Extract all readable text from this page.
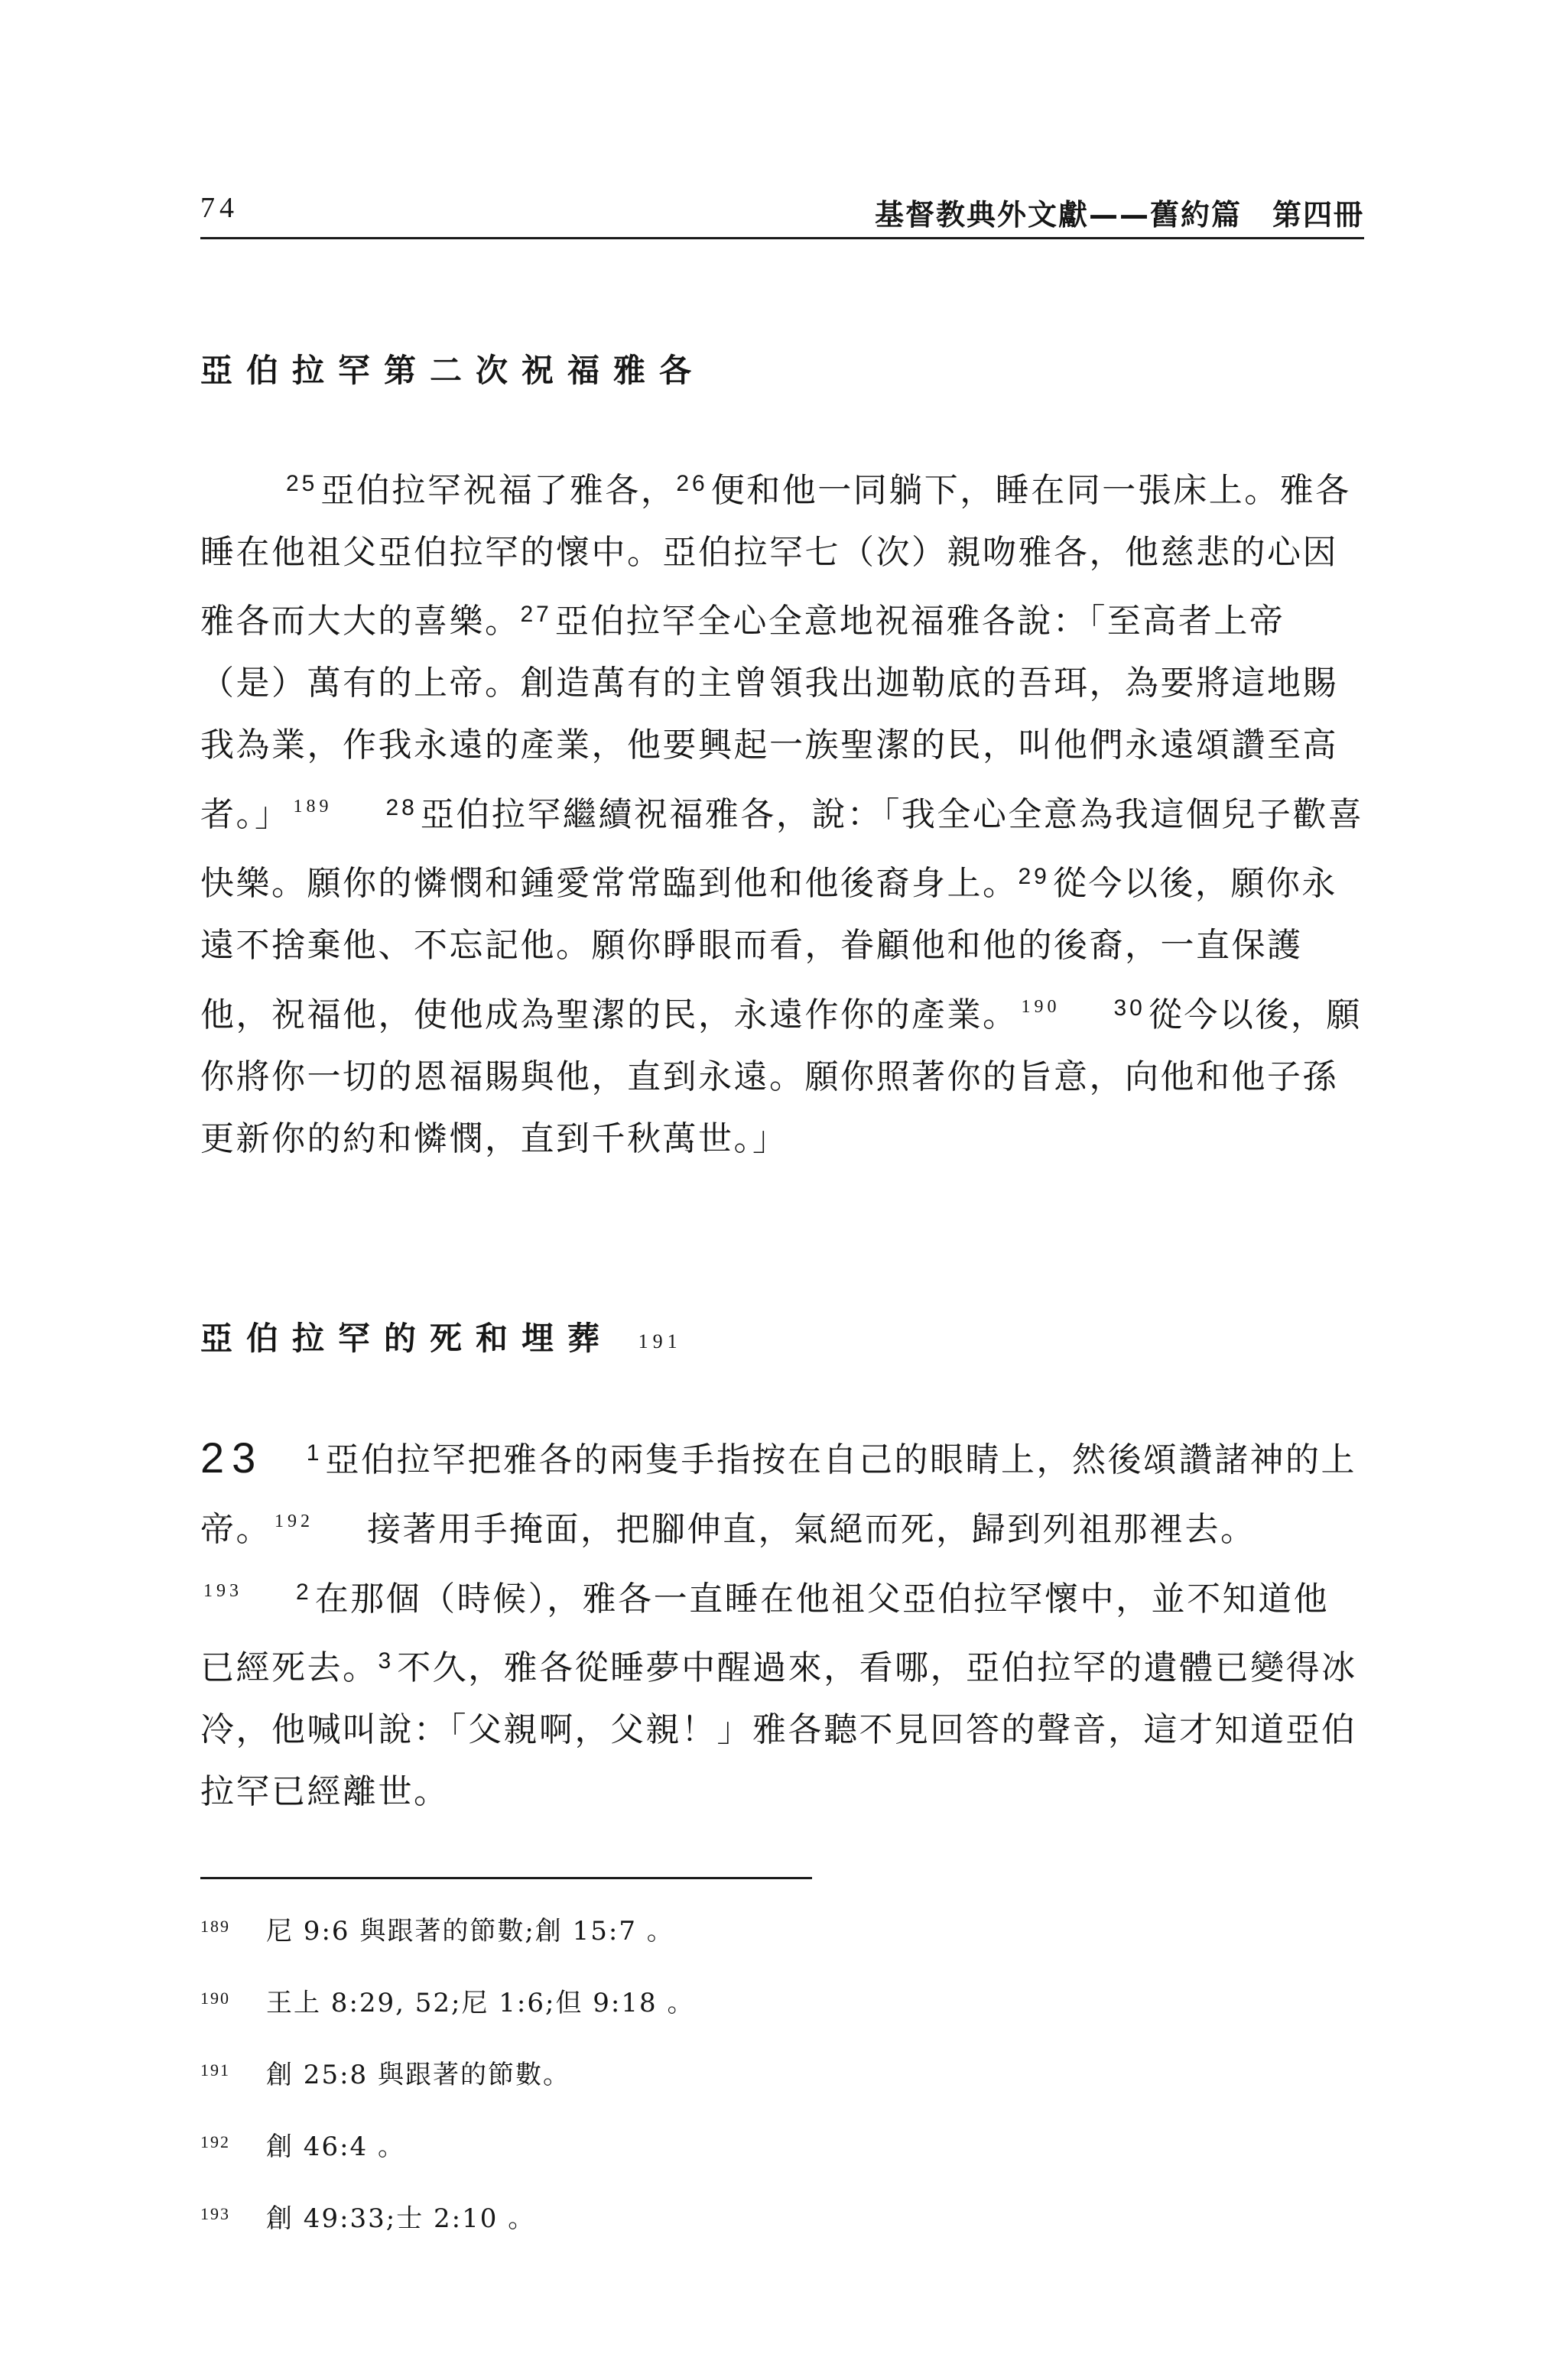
74	基督教典外文獻——舊約篇　第四冊
亞伯拉罕第二次祝福雅各

$^{25}$亞伯拉罕祝福了雅各，$^{26}$便和他一同躺下，睡在同一張床上。雅各睡在他祖父亞伯拉罕的懷中。亞伯拉罕七（次）親吻雅各，他慈悲的心因雅各而大大的喜樂。$^{27}$亞伯拉罕全心全意地祝福雅各說：「至高者上帝（是）萬有的上帝。創造萬有的主曾領我出迦勒底的吾珥，為要將這地賜我為業，作我永遠的產業，他要興起一族聖潔的民，叫他們永遠頌讚至高者。」 $^{189}$ $^{28}$亞伯拉罕繼續祝福雅各，說：「我全心全意為我這個兒子歡喜快樂。願你的憐憫和鍾愛常常臨到他和他後裔身上。$^{29}$從今以後，願你永遠不捨棄他、不忘記他。願你睜眼而看，眷顧他和他的後裔，一直保護他，祝福他，使他成為聖潔的民，永遠作你的產業。 $^{190}$ $^{30}$從今以後，願你將你一切的恩福賜與他，直到永遠。願你照著你的旨意，向他和他子孫更新你的約和憐憫，直到千秋萬世。」

亞伯拉罕的死和埋葬 191

23 $^1$亞伯拉罕把雅各的兩隻手指按在自己的眼睛上，然後頌讚諸神的上帝。 $^{192}$ 接著用手掩面，把腳伸直，氣絕而死，歸到列祖那裡去。$^{193}$ $^2$在那個（時候），雅各一直睡在他祖父亞伯拉罕懷中，並不知道他已經死去。$^3$不久，雅各從睡夢中醒過來，看哪，亞伯拉罕的遺體已變得冰冷，他喊叫說：「父親啊，父親！」雅各聽不見回答的聲音，這才知道亞伯拉罕已經離世。

189 尼 9:6 與跟著的節數;創 15:7 。
190 王上 8:29, 52;尼 1:6;但 9:18 。
191 創 25:8 與跟著的節數。
192 創 46:4 。
193 創 49:33;士 2:10 。
